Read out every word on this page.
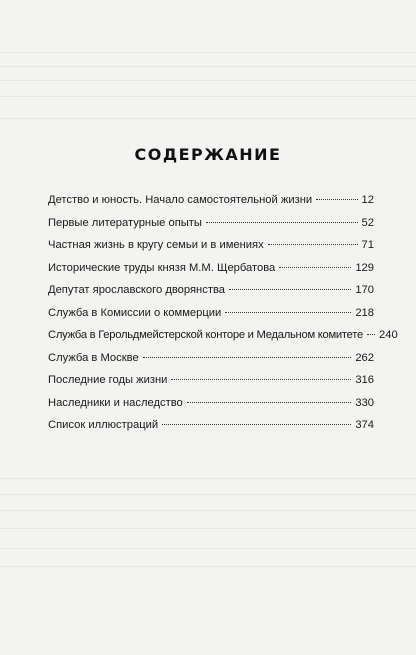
СОДЕРЖАНИЕ
Детство и юность. Начало самостоятельной жизни	12
Первые литературные опыты	52
Частная жизнь в кругу семьи и в имениях	71
Исторические труды князя М.М. Щербатова	129
Депутат ярославского дворянства	170
Служба в Комиссии о коммерции	218
Служба в Герольдмейстерской конторе и Медальном комитете 240
Служба в Москве	262
Последние годы жизни	316
Наследники и наследство	330
Список иллюстраций	374
